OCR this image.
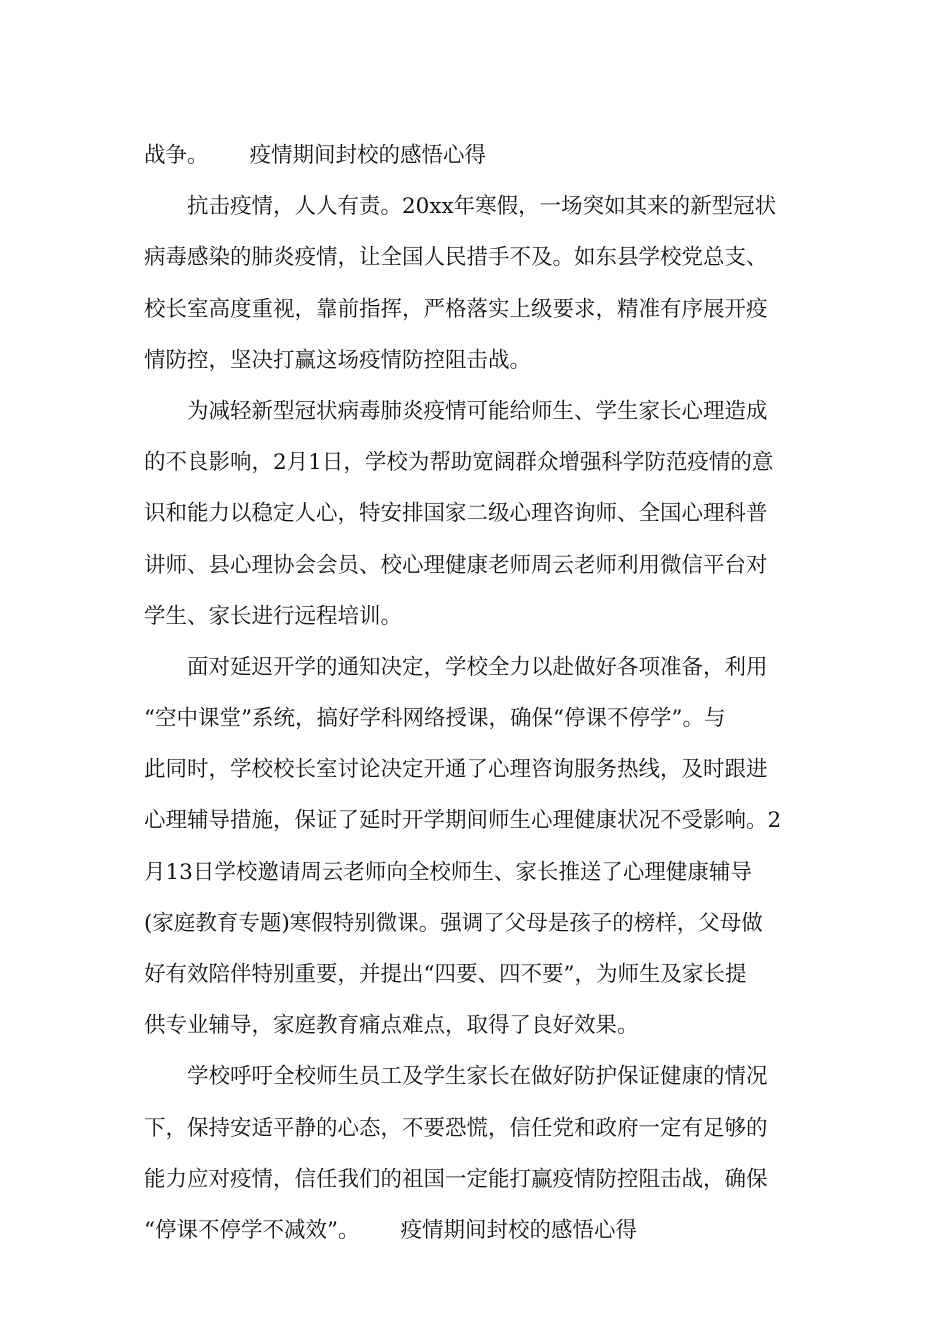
战争。      疫情期间封校的感悟心得
抗击疫情，人人有责。20xx年寒假，一场突如其来的新型冠状
病毒感染的肺炎疫情，让全国人民措手不及。如东县学校党总支、
校长室高度重视，靠前指挥，严格落实上级要求，精准有序展开疫
情防控，坚决打赢这场疫情防控阻击战。
为减轻新型冠状病毒肺炎疫情可能给师生、学生家长心理造成
的不良影响，2月1日，学校为帮助宽阔群众增强科学防范疫情的意
识和能力以稳定人心，特安排国家二级心理咨询师、全国心理科普
讲师、县心理协会会员、校心理健康老师周云老师利用微信平台对
学生、家长进行远程培训。
面对延迟开学的通知决定，学校全力以赴做好各项准备，利用
“空中课堂”系统，搞好学科网络授课，确保“停课不停学”。与
此同时，学校校长室讨论决定开通了心理咨询服务热线，及时跟进
心理辅导措施，保证了延时开学期间师生心理健康状况不受影响。2
月13日学校邀请周云老师向全校师生、家长推送了心理健康辅导
(家庭教育专题)寒假特别微课。强调了父母是孩子的榜样，父母做
好有效陪伴特别重要，并提出“四要、四不要”，为师生及家长提
供专业辅导，家庭教育痛点难点，取得了良好效果。
学校呼吁全校师生员工及学生家长在做好防护保证健康的情况
下，保持安适平静的心态，不要恐慌，信任党和政府一定有足够的
能力应对疫情，信任我们的祖国一定能打赢疫情防控阻击战，确保
“停课不停学不减效”。      疫情期间封校的感悟心得
